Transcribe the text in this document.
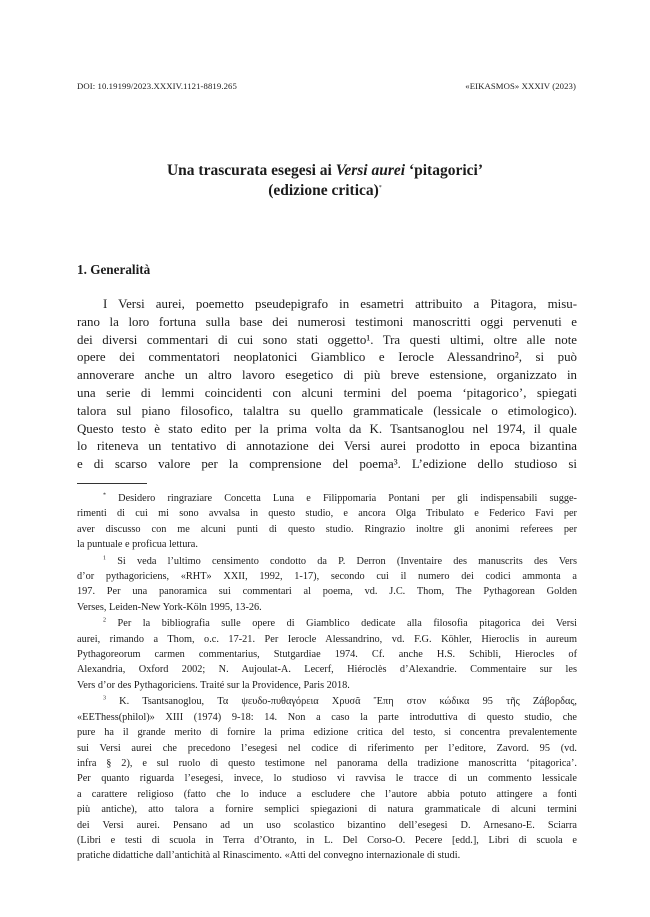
DOI: 10.19199/2023.XXXIV.1121-8819.265	«EIKASMOS» XXXIV (2023)
Una trascurata esegesi ai Versi aurei ‘pitagorici’
(edizione critica)*
1. Generalità
I Versi aurei, poemetto pseudepigrafo in esametri attribuito a Pitagora, misu-
rano la loro fortuna sulla base dei numerosi testimoni manoscritti oggi pervenuti e
dei diversi commentari di cui sono stati oggetto¹. Tra questi ultimi, oltre alle note
opere dei commentatori neoplatonici Giamblico e Ierocle Alessandrino², si può
annoverare anche un altro lavoro esegetico di più breve estensione, organizzato in
una serie di lemmi coincidenti con alcuni termini del poema ‘pitagorico’, spiegati
talora sul piano filosofico, talaltra su quello grammaticale (lessicale o etimologico).
Questo testo è stato edito per la prima volta da K. Tsantsanoglou nel 1974, il quale
lo riteneva un tentativo di annotazione dei Versi aurei prodotto in epoca bizantina
e di scarso valore per la comprensione del poema³. L’edizione dello studioso si
* Desidero ringraziare Concetta Luna e Filippomaria Pontani per gli indispensabili sugge-
rimenti di cui mi sono avvalsa in questo studio, e ancora Olga Tribulato e Federico Favi per
aver discusso con me alcuni punti di questo studio. Ringrazio inoltre gli anonimi referees per
la puntuale e proficua lettura.
$^1$ Si veda l’ultimo censimento condotto da P. Derron (Inventaire des manuscrits des Vers
d’or pythagoriciens, «RHT» XXII, 1992, 1-17), secondo cui il numero dei codici ammonta a
197. Per una panoramica sui commentari al poema, vd. J.C. Thom, The Pythagorean Golden
Verses, Leiden-New York-Köln 1995, 13-26.
$^2$ Per la bibliografia sulle opere di Giamblico dedicate alla filosofia pitagorica dei Versi
aurei, rimando a Thom, o.c. 17-21. Per Ierocle Alessandrino, vd. F.G. Köhler, Hieroclis in aureum
Pythagoreorum carmen commentarius, Stutgardiae 1974. Cf. anche H.S. Schibli, Hierocles of
Alexandria, Oxford 2002; N. Aujoulat-A. Lecerf, Hiéroclès d’Alexandrie. Commentaire sur les
Vers d’or des Pythagoriciens. Traité sur la Providence, Paris 2018.
$^3$ K. Tsantsanoglou, Τα ψευδο-πυθαγόρεια Χρυσᾶ Ἔπη στον κώδικα 95 τῆς Ζάβορδας,
«EEThess(philol)» XIII (1974) 9-18: 14. Non a caso la parte introduttiva di questo studio, che
pure ha il grande merito di fornire la prima edizione critica del testo, si concentra prevalentemente
sui Versi aurei che precedono l’esegesi nel codice di riferimento per l’editore, Zavord. 95 (vd.
infra § 2), e sul ruolo di questo testimone nel panorama della tradizione manoscritta ‘pitagorica’.
Per quanto riguarda l’esegesi, invece, lo studioso vi ravvisa le tracce di un commento lessicale
a carattere religioso (fatto che lo induce a escludere che l’autore abbia potuto attingere a fonti
più antiche), atto talora a fornire semplici spiegazioni di natura grammaticale di alcuni termini
dei Versi aurei. Pensano ad un uso scolastico bizantino dell’esegesi D. Arnesano-E. Sciarra
(Libri e testi di scuola in Terra d’Otranto, in L. Del Corso-O. Pecere [edd.], Libri di scuola e
pratiche didattiche dall’antichità al Rinascimento. «Atti del convegno internazionale di studi.
